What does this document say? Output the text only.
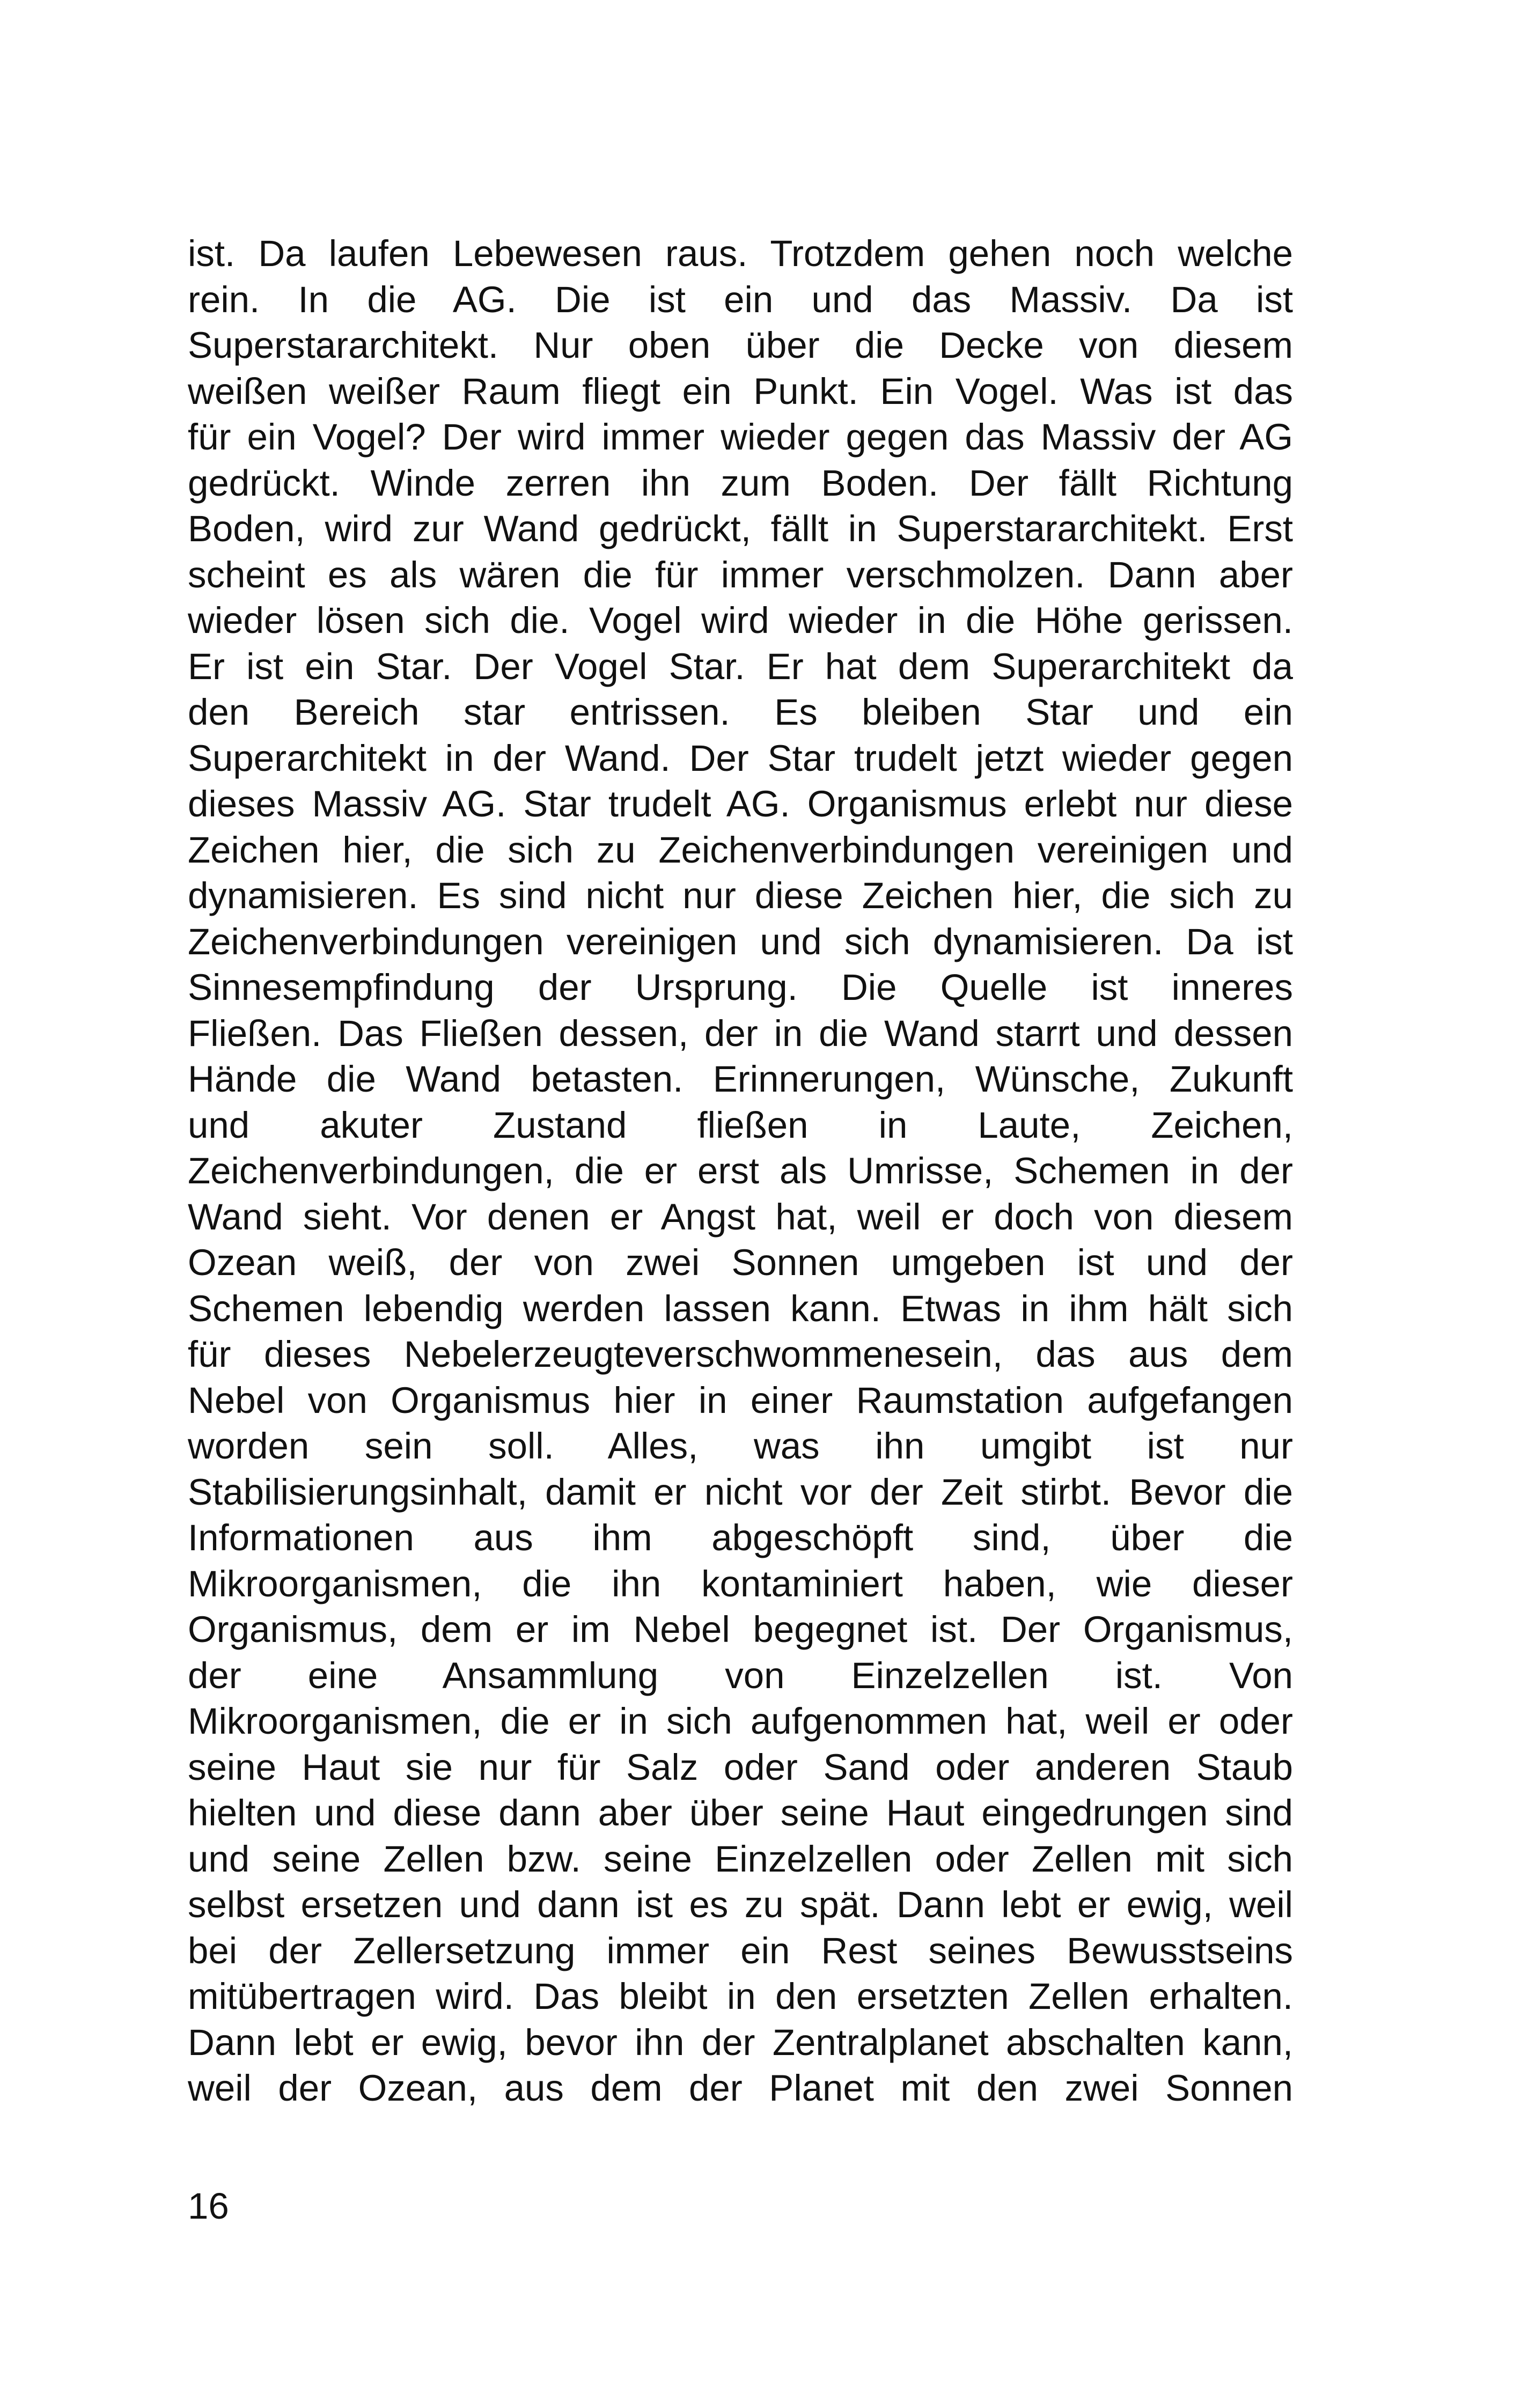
ist. Da laufen Lebewesen raus. Trotzdem gehen noch welche
rein. In die AG. Die ist ein und das Massiv. Da ist
Superstararchitekt. Nur oben über die Decke von diesem
weißen weißer Raum fliegt ein Punkt. Ein Vogel. Was ist das
für ein Vogel? Der wird immer wieder gegen das Massiv der AG
gedrückt. Winde zerren ihn zum Boden. Der fällt Richtung
Boden, wird zur Wand gedrückt, fällt in Superstararchitekt. Erst
scheint es als wären die für immer verschmolzen. Dann aber
wieder lösen sich die. Vogel wird wieder in die Höhe gerissen.
Er ist ein Star. Der Vogel Star. Er hat dem Superarchitekt da
den Bereich star entrissen. Es bleiben Star und ein
Superarchitekt in der Wand. Der Star trudelt jetzt wieder gegen
dieses Massiv AG. Star trudelt AG. Organismus erlebt nur diese
Zeichen hier, die sich zu Zeichenverbindungen vereinigen und
dynamisieren. Es sind nicht nur diese Zeichen hier, die sich zu
Zeichenverbindungen vereinigen und sich dynamisieren. Da ist
Sinnesempfindung der Ursprung. Die Quelle ist inneres
Fließen. Das Fließen dessen, der in die Wand starrt und dessen
Hände die Wand betasten. Erinnerungen, Wünsche, Zukunft
und akuter Zustand fließen in Laute, Zeichen,
Zeichenverbindungen, die er erst als Umrisse, Schemen in der
Wand sieht. Vor denen er Angst hat, weil er doch von diesem
Ozean weiß, der von zwei Sonnen umgeben ist und der
Schemen lebendig werden lassen kann. Etwas in ihm hält sich
für dieses Nebelerzeugteverschwommenesein, das aus dem
Nebel von Organismus hier in einer Raumstation aufgefangen
worden sein soll. Alles, was ihn umgibt ist nur
Stabilisierungsinhalt, damit er nicht vor der Zeit stirbt. Bevor die
Informationen aus ihm abgeschöpft sind, über die
Mikroorganismen, die ihn kontaminiert haben, wie dieser
Organismus, dem er im Nebel begegnet ist. Der Organismus,
der eine Ansammlung von Einzelzellen ist. Von
Mikroorganismen, die er in sich aufgenommen hat, weil er oder
seine Haut sie nur für Salz oder Sand oder anderen Staub
hielten und diese dann aber über seine Haut eingedrungen sind
und seine Zellen bzw. seine Einzelzellen oder Zellen mit sich
selbst ersetzen und dann ist es zu spät. Dann lebt er ewig, weil
bei der Zellersetzung immer ein Rest seines Bewusstseins
mitübertragen wird. Das bleibt in den ersetzten Zellen erhalten.
Dann lebt er ewig, bevor ihn der Zentralplanet abschalten kann,
weil der Ozean, aus dem der Planet mit den zwei Sonnen
16
